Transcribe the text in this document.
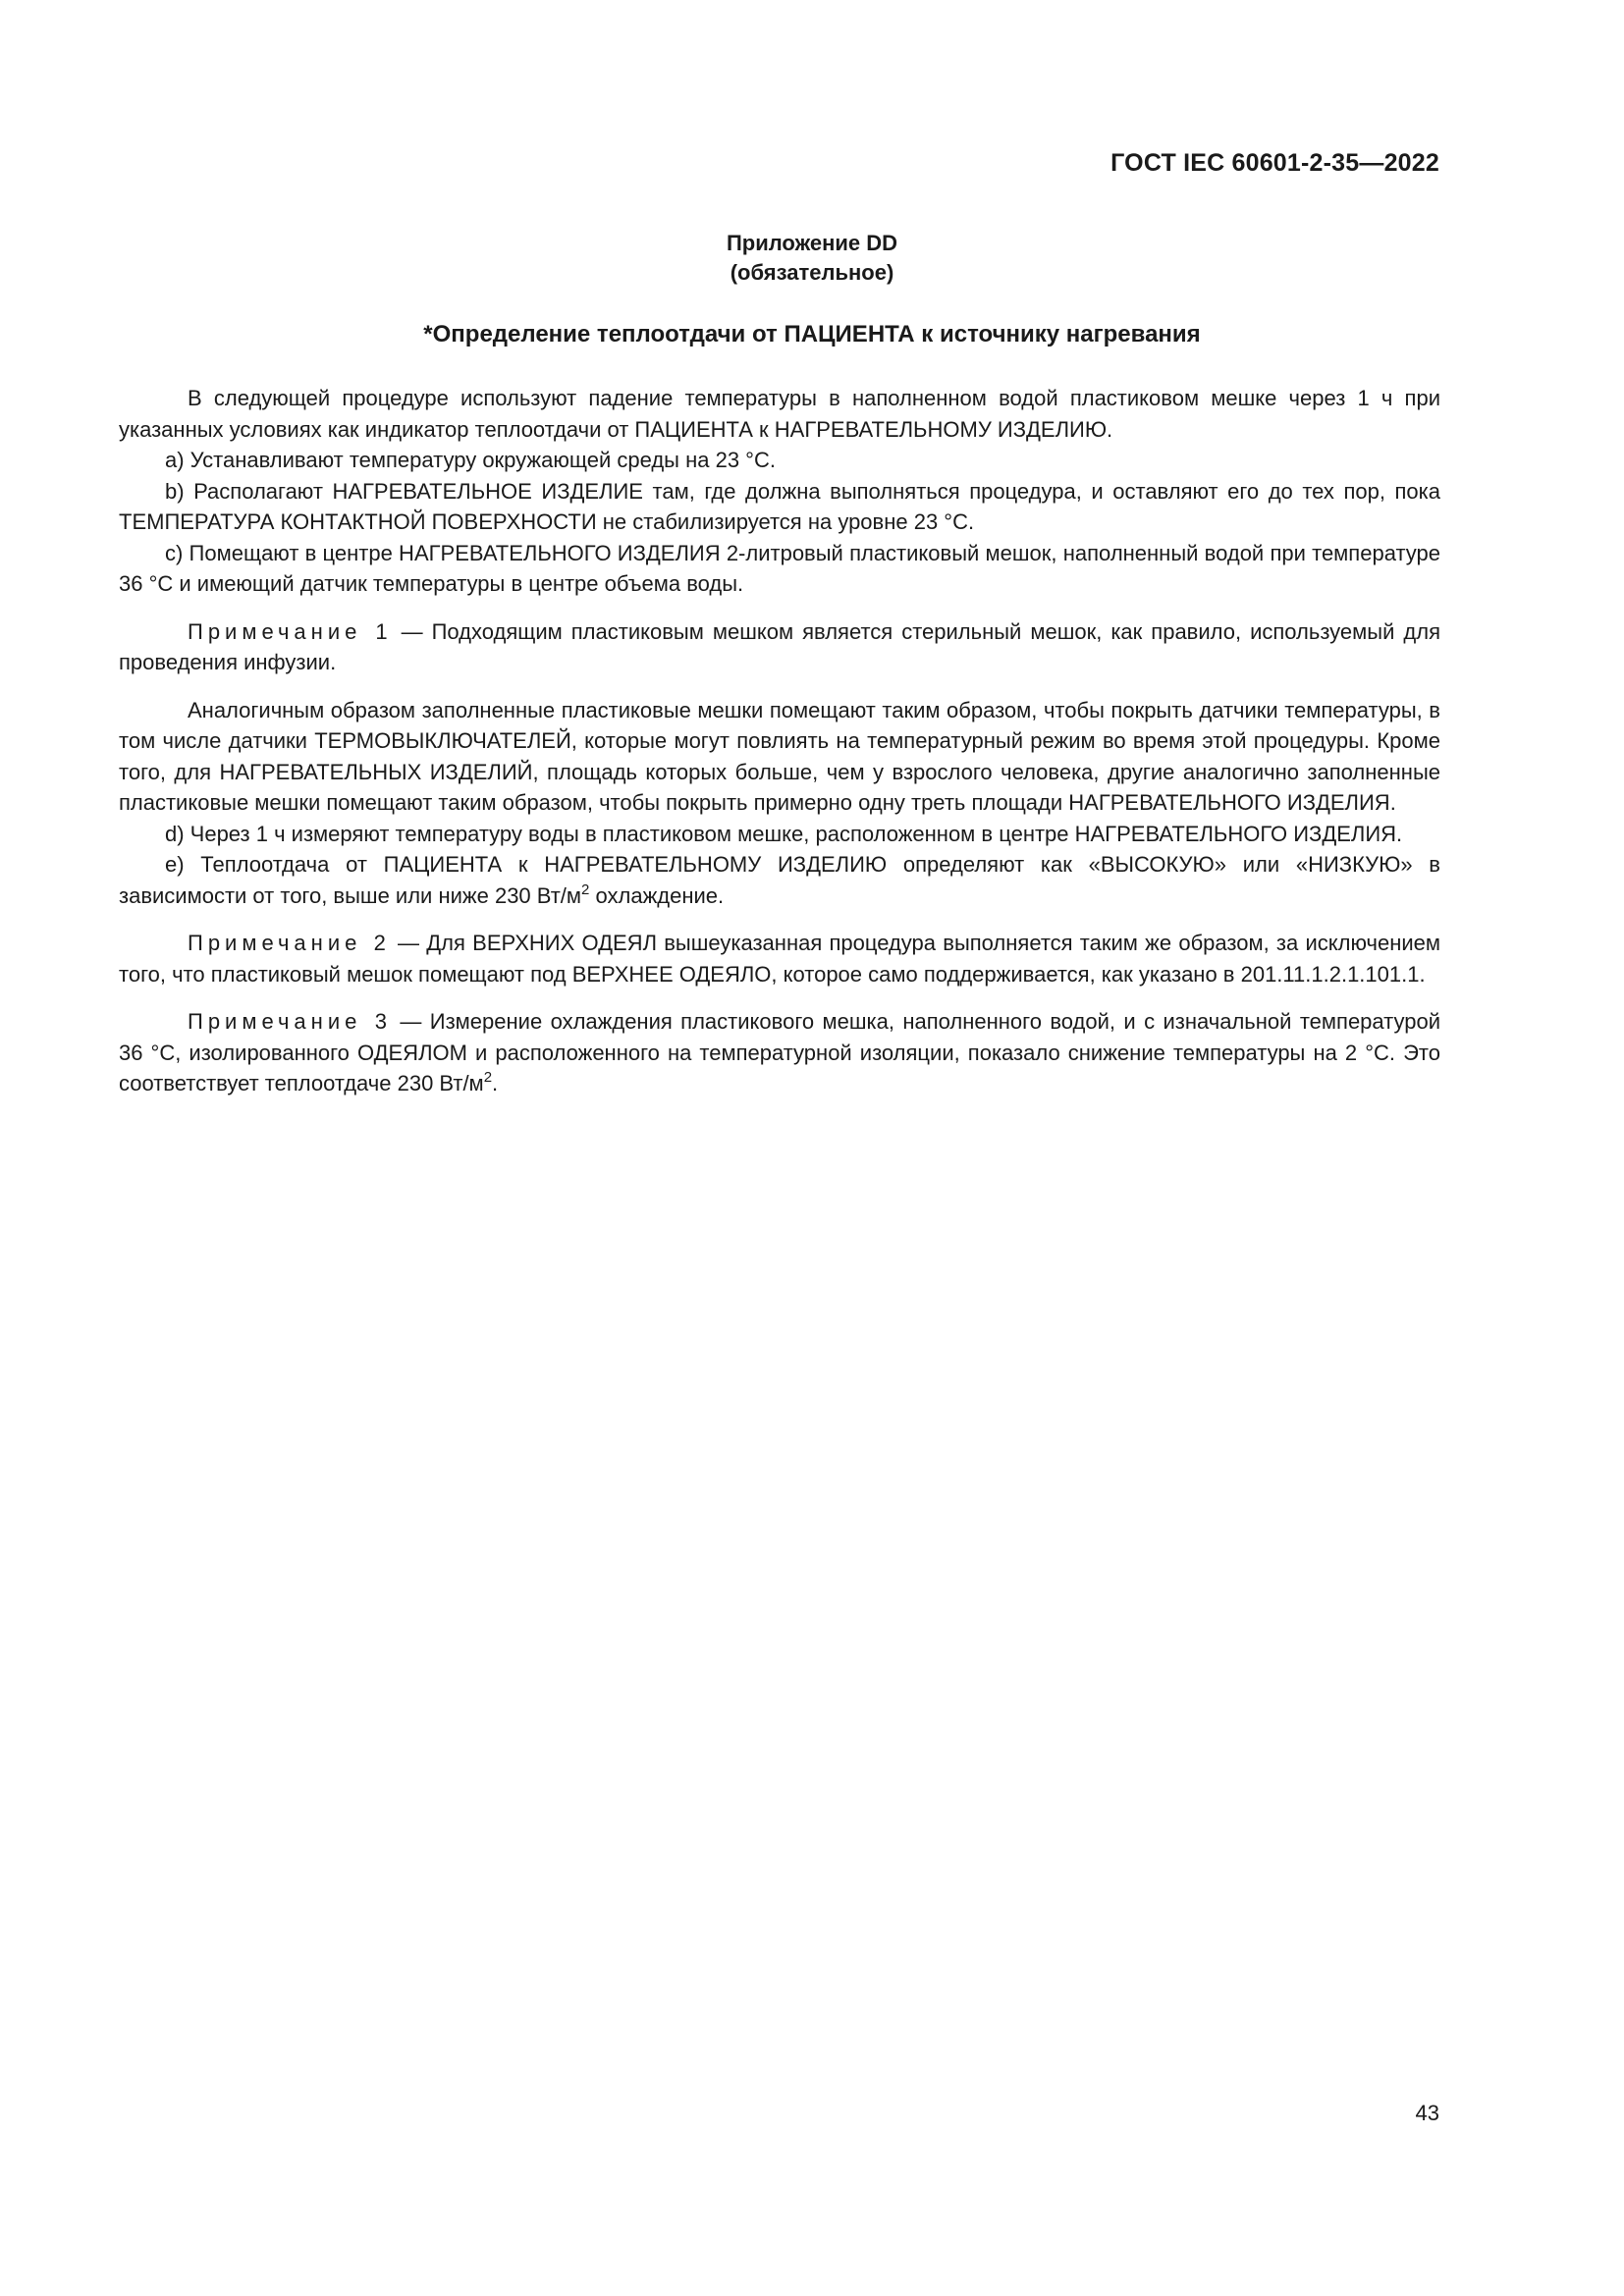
ГОСТ IEC 60601-2-35—2022
Приложение DD
(обязательное)
*Определение теплоотдачи от ПАЦИЕНТА к источнику нагревания

В следующей процедуре используют падение температуры в наполненном водой пластиковом мешке через 1 ч при указанных условиях как индикатор теплоотдачи от ПАЦИЕНТА к НАГРЕВАТЕЛЬНОМУ ИЗДЕЛИЮ.

a) Устанавливают температуру окружающей среды на 23 °C.

b) Располагают НАГРЕВАТЕЛЬНОЕ ИЗДЕЛИЕ там, где должна выполняться процедура, и оставляют его до тех пор, пока ТЕМПЕРАТУРА КОНТАКТНОЙ ПОВЕРХНОСТИ не стабилизируется на уровне 23 °C.

c) Помещают в центре НАГРЕВАТЕЛЬНОГО ИЗДЕЛИЯ 2-литровый пластиковый мешок, наполненный водой при температуре 36 °C и имеющий датчик температуры в центре объема воды.

Примечание 1 — Подходящим пластиковым мешком является стерильный мешок, как правило, используемый для проведения инфузии.

Аналогичным образом заполненные пластиковые мешки помещают таким образом, чтобы покрыть датчики температуры, в том числе датчики ТЕРМОВЫКЛЮЧАТЕЛЕЙ, которые могут повлиять на температурный режим во время этой процедуры. Кроме того, для НАГРЕВАТЕЛЬНЫХ ИЗДЕЛИЙ, площадь которых больше, чем у взрослого человека, другие аналогично заполненные пластиковые мешки помещают таким образом, чтобы покрыть примерно одну треть площади НАГРЕВАТЕЛЬНОГО ИЗДЕЛИЯ.

d) Через 1 ч измеряют температуру воды в пластиковом мешке, расположенном в центре НАГРЕВАТЕЛЬНОГО ИЗДЕЛИЯ.

e) Теплоотдача от ПАЦИЕНТА к НАГРЕВАТЕЛЬНОМУ ИЗДЕЛИЮ определяют как «ВЫСОКУЮ» или «НИЗКУЮ» в зависимости от того, выше или ниже 230 $Вт/м^2$ охлаждение.

Примечание 2 — Для ВЕРХНИХ ОДЕЯЛ вышеуказанная процедура выполняется таким же образом, за исключением того, что пластиковый мешок помещают под ВЕРХНЕЕ ОДЕЯЛО, которое само поддерживается, как указано в 201.11.1.2.1.101.1.

Примечание 3 — Измерение охлаждения пластикового мешка, наполненного водой, и с изначальной температурой 36 °C, изолированного ОДЕЯЛОМ и расположенного на температурной изоляции, показало снижение температуры на 2 °C. Это соответствует теплоотдаче 230 $Вт/м^2$.

43
